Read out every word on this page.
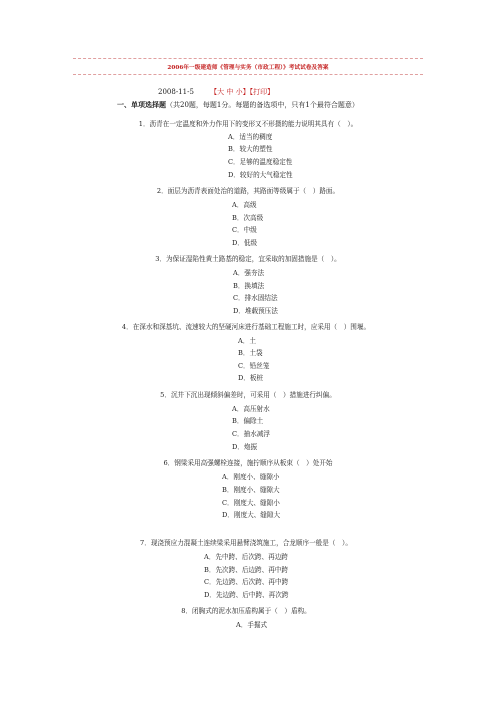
2006年一级建造师《管理与实务（市政工程）》考试试卷及答案
2008-11-5 【大 中 小】【打印】
一、单项选择题（共20题，每题1分。每题的备选项中，只有1个最符合题意）
1．沥青在一定温度和外力作用下的变形又不形摄的能力说明其具有（　）。
A．适当的稠度
B．较大的塑性
C．足够的温度稳定性
D．较好的大气稳定性
2．面层为沥青表面处治的道路，其路面等级属于（　）路面。
A．高级
B．次高级
C．中级
D．低级
3．为保证湿陷性黄土路基的稳定，宜采取的加固措施是（　）。
A．强夯法
B．换填法
C．排水固结法
D．堆载预压法
4．在深水和深基坑、流速较大的坚硬河床进行基础工程施工时，应采用（　）围堰。
A．土
B．土袋
C．铅丝笼
D．板桩
5．沉井下沉出现倾斜偏差时，可采用（　）措施进行纠偏。
A．高压射水
B．偏除土
C．抽水减浮
D．炮振
6．钢梁采用高强螺栓连接，施拧顺序从板束（　）处开始
A．刚度小、缝隙小
B．刚度小、缝隙大
C．刚度大、缝隙小
D．刚度大、缝隙大
7．现浇预应力混凝土连续梁采用悬臂浇筑施工，合龙顺序一般是（　）。
A．先中跨、后次跨、再边跨
B．先次跨、后边跨、再中跨
C．先边跨、后次跨、再中跨
D．先边跨、后中跨、再次跨
8．闭胸式的泥水加压盾构属于（　）盾构。
A．手掘式
